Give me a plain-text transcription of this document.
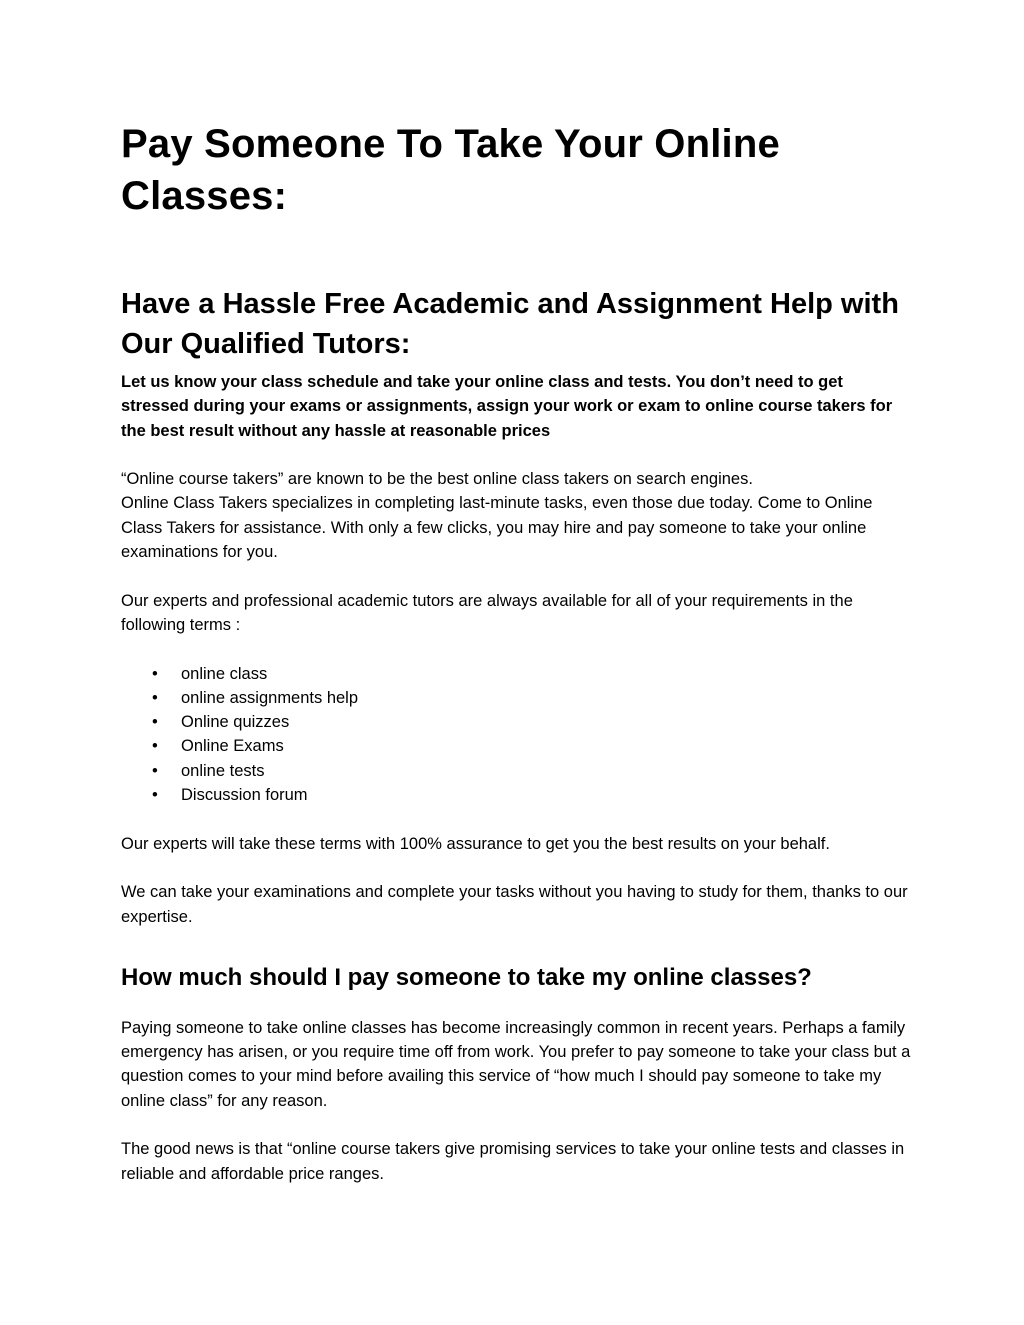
Pay Someone To Take Your Online Classes:
Have a Hassle Free Academic and Assignment Help with Our Qualified Tutors:

Let us know your class schedule and take your online class and tests. You don’t need to get stressed during your exams or assignments, assign your work or exam to online course takers for the best result without any hassle at reasonable prices

“Online course takers” are known to be the best online class takers on search engines.

Online Class Takers specializes in completing last-minute tasks, even those due today. Come to Online Class Takers for assistance. With only a few clicks, you may hire and pay someone to take your online examinations for you.

Our experts and professional academic tutors are always available for all of your requirements in the following terms :

• online class
• online assignments help
• Online quizzes
• Online Exams
• online tests
• Discussion forum

Our experts will take these terms with 100% assurance to get you the best results on your behalf.

We can take your examinations and complete your tasks without you having to study for them, thanks to our expertise.

How much should I pay someone to take my online classes?

Paying someone to take online classes has become increasingly common in recent years. Perhaps a family emergency has arisen, or you require time off from work. You prefer to pay someone to take your class but a question comes to your mind before availing this service of “how much I should pay someone to take my online class” for any reason.

The good news is that “online course takers give promising services to take your online tests and classes in reliable and affordable price ranges.
